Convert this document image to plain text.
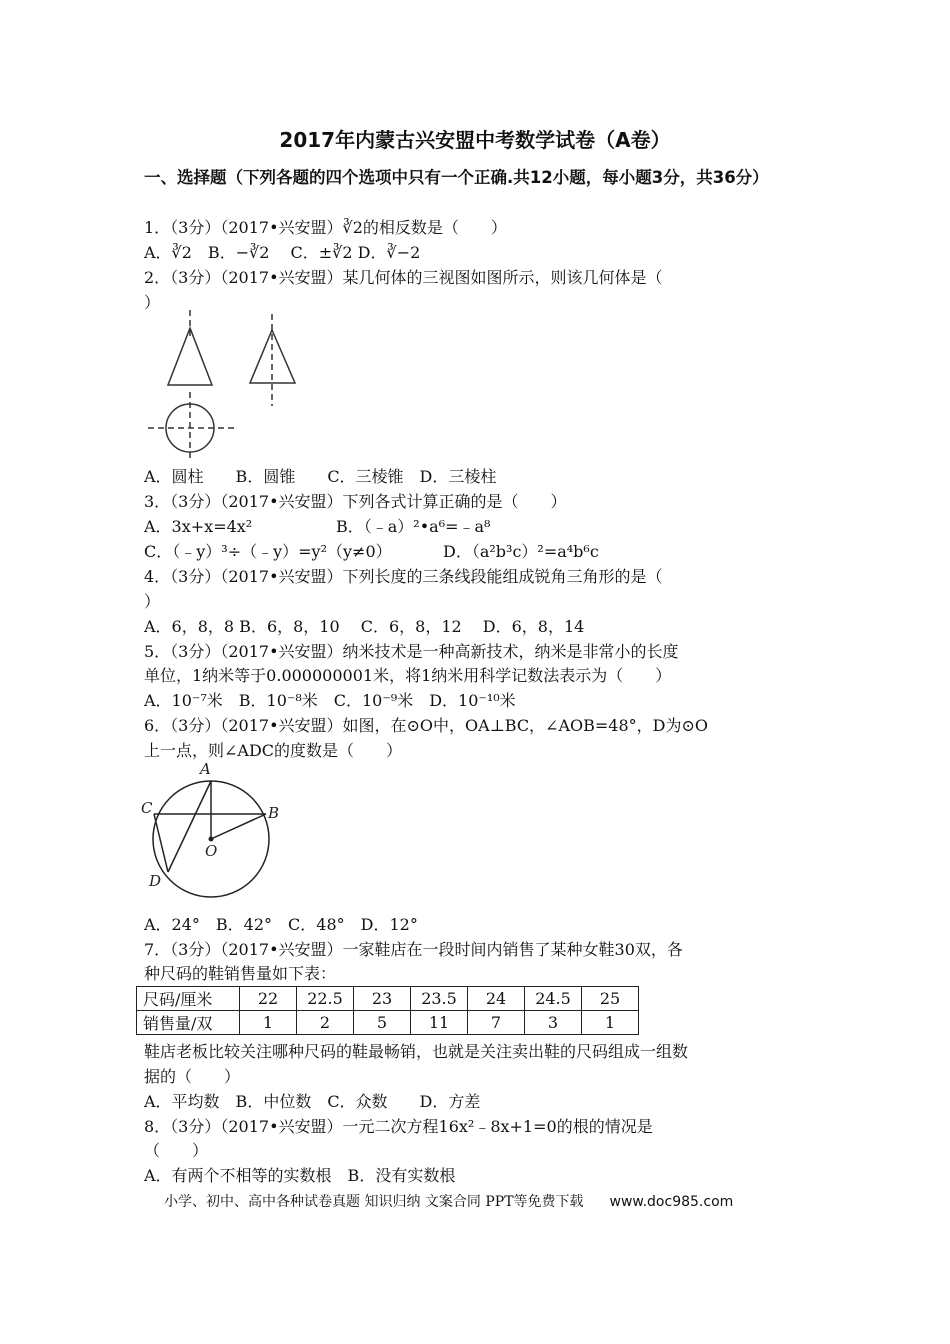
2017年内蒙古兴安盟中考数学试卷（A卷）
一、选择题（下列各题的四个选项中只有一个正确.共12小题，每小题3分，共36分）
1．（3分）（2017•兴安盟）∛2的相反数是（　　）
A．∛2　B．−∛2　 C．±∛2 D．∛−2
2．（3分）（2017•兴安盟）某几何体的三视图如图所示，则该几何体是（
）
A．圆柱　　B．圆锥　　C．三棱锥　D．三棱柱
3．（3分）（2017•兴安盟）下列各式计算正确的是（　　）
A．3x+x=4x²	B．（﹣a）²•a⁶=﹣a⁸
C．（﹣y）³÷（﹣y）=y²（y≠0）	D．（a²b³c）²=a⁴b⁶c
4．（3分）（2017•兴安盟）下列长度的三条线段能组成锐角三角形的是（
）
A．6，8，8 B．6，8，10　 C．6，8，12　 D．6，8，14
5．（3分）（2017•兴安盟）纳米技术是一种高新技术，纳米是非常小的长度
单位，1纳米等于0.000000001米，将1纳米用科学记数法表示为（　　）
A．10⁻⁷米　B．10⁻⁸米　C．10⁻⁹米　D．10⁻¹⁰米
6．（3分）（2017•兴安盟）如图，在⊙O中，OA⊥BC，∠AOB=48°，D为⊙O
上一点，则∠ADC的度数是（　　）
A
B
C
D
O
A．24°　B．42°　C．48°　D．12°
7．（3分）（2017•兴安盟）一家鞋店在一段时间内销售了某种女鞋30双，各
种尺码的鞋销售量如下表：
尺码/厘米	22	22.5	23	23.5	24	24.5	25
销售量/双	1	2	5	11	7	3	1
鞋店老板比较关注哪种尺码的鞋最畅销，也就是关注卖出鞋的尺码组成一组数
据的（　　）
A．平均数　B．中位数　C．众数　　D．方差
8．（3分）（2017•兴安盟）一元二次方程16x²﹣8x+1=0的根的情况是
（　　）
A．有两个不相等的实数根　B．没有实数根
小学、初中、高中各种试卷真题 知识归纳 文案合同 PPT等免费下载 www.doc985.com
